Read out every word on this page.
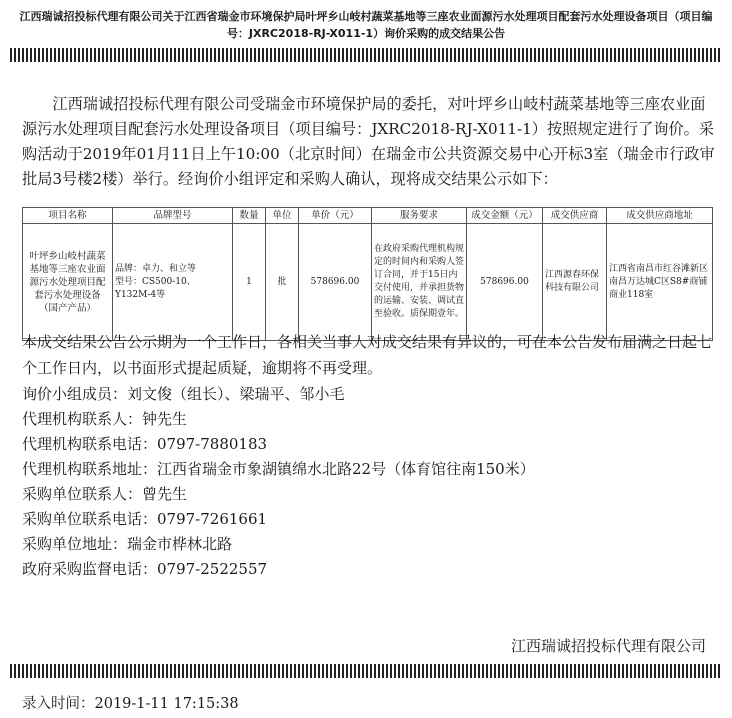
江西瑞诚招投标代理有限公司关于江西省瑞金市环境保护局叶坪乡山岐村蔬菜基地等三座农业面源污水处理项目配套污水处理设备项目（项目编号：JXRC2018-RJ-X011-1）询价采购的成交结果公告

江西瑞诚招投标代理有限公司受瑞金市环境保护局的委托，对叶坪乡山岐村蔬菜基地等三座农业面源污水处理项目配套污水处理设备项目（项目编号：JXRC2018-RJ-X011-1）按照规定进行了询价。采购活动于2019年01月11日上午10:00（北京时间）在瑞金市公共资源交易中心开标3室（瑞金市行政审批局3号楼2楼）举行。经询价小组评定和采购人确认，现将成交结果公示如下：

项目名称	品牌型号	数量	单位	单价（元）	服务要求	成交金额（元）	成交供应商	成交供应商地址
叶坪乡山岐村蔬菜基地等三座农业面源污水处理项目配套污水处理设备（国产产品）	品牌：卓力、和立等
型号：CS500-10、Y132M-4等	1	批	578696.00	在政府采购代理机构规定的时间内和采购人签订合同，并于15日内交付使用，并承担货物的运输、安装、调试直至验收。质保期壹年。	578696.00	江西源春环保科技有限公司	江西省南昌市红谷滩新区南昌万达城C区S8#商铺商业118室

本成交结果公告公示期为一个工作日，各相关当事人对成交结果有异议的，可在本公告发布届满之日起七个工作日内，以书面形式提起质疑，逾期将不再受理。

询价小组成员：刘文俊（组长）、梁瑞平、邹小毛
代理机构联系人：钟先生
代理机构联系电话：0797-7880183
代理机构联系地址：江西省瑞金市象湖镇绵水北路22号（体育馆往南150米）
采购单位联系人：曾先生
采购单位联系电话：0797-7261661
采购单位地址：瑞金市桦林北路
政府采购监督电话：0797-2522557
江西瑞诚招投标代理有限公司
录入时间：2019-1-11 17:15:38
